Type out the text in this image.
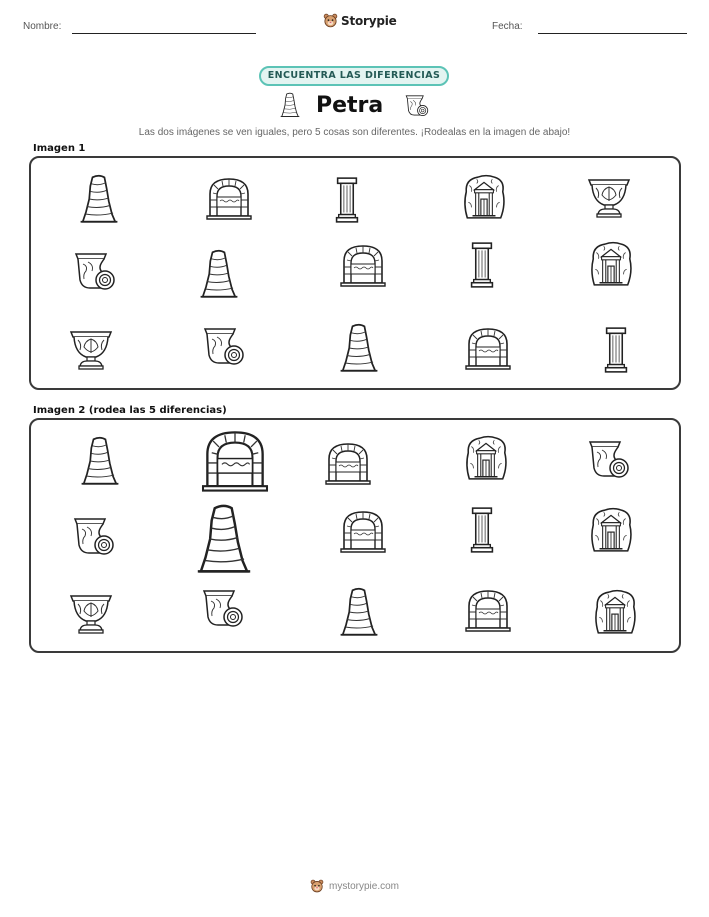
Nombre:	Storypie	Fecha:
ENCUENTRA LAS DIFERENCIAS
Petra
Las dos imágenes se ven iguales, pero 5 cosas son diferentes. ¡Rodealas en la imagen de abajo!
Imagen 1
Imagen 2 (rodea las 5 diferencias)
mystorypie.com
